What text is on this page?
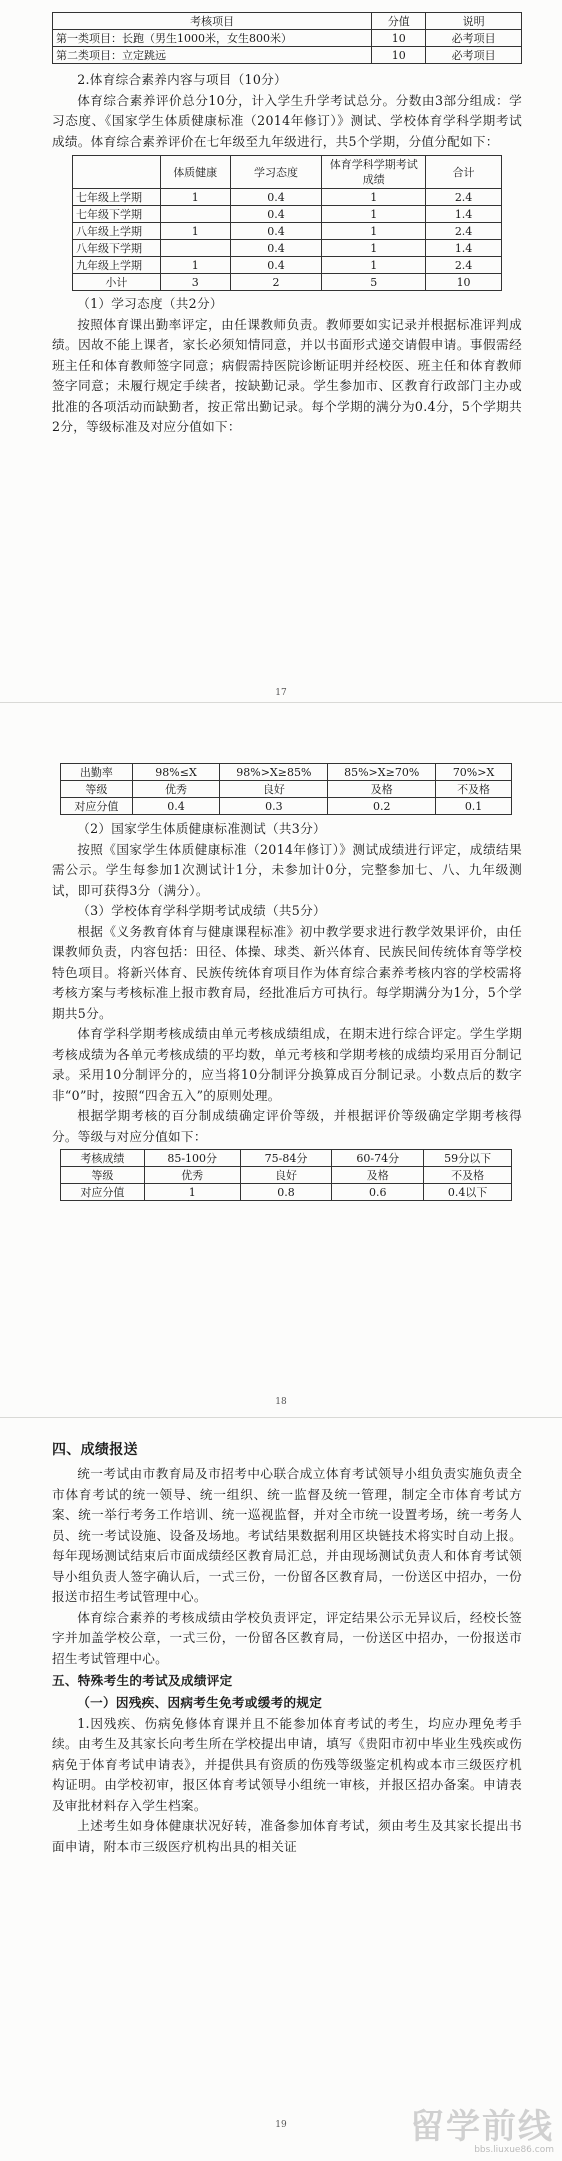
考核项目	分值	说明
第一类项目：长跑（男生1000米，女生800米）	10	必考项目
第二类项目：立定跳远	10	必考项目

2.体育综合素养内容与项目（10分）

体育综合素养评价总分10分，计入学生升学考试总分。分数由3部分组成：学习态度、《国家学生体质健康标准（2014年修订）》测试、学校体育学科学期考试成绩。体育综合素养评价在七年级至九年级进行，共5个学期，分值分配如下：

	体质健康	学习态度	体育学科学期考试成绩	合计
七年级上学期	1	0.4	1	2.4
七年级下学期		0.4	1	1.4
八年级上学期	1	0.4	1	2.4
八年级下学期		0.4	1	1.4
九年级上学期	1	0.4	1	2.4
小计	3	2	5	10

（1）学习态度（共2分）

按照体育课出勤率评定，由任课教师负责。教师要如实记录并根据标准评判成绩。因故不能上课者，家长必须知情同意，并以书面形式递交请假申请。事假需经班主任和体育教师签字同意；病假需持医院诊断证明并经校医、班主任和体育教师签字同意；未履行规定手续者，按缺勤记录。学生参加市、区教育行政部门主办或批准的各项活动而缺勤者，按正常出勤记录。每个学期的满分为0.4分，5个学期共2分，等级标准及对应分值如下：

17
出勤率	98%≤X	98%>X≥85%	85%>X≥70%	70%>X
等级	优秀	良好	及格	不及格
对应分值	0.4	0.3	0.2	0.1

（2）国家学生体质健康标准测试（共3分）

按照《国家学生体质健康标准（2014年修订）》测试成绩进行评定，成绩结果需公示。学生每参加1次测试计1分，未参加计0分，完整参加七、八、九年级测试，即可获得3分（满分）。

（3）学校体育学科学期考试成绩（共5分）

根据《义务教育体育与健康课程标准》初中教学要求进行教学效果评价，由任课教师负责，内容包括：田径、体操、球类、新兴体育、民族民间传统体育等学校特色项目。将新兴体育、民族传统体育项目作为体育综合素养考核内容的学校需将考核方案与考核标准上报市教育局，经批准后方可执行。每学期满分为1分，5个学期共5分。

体育学科学期考核成绩由单元考核成绩组成，在期末进行综合评定。学生学期考核成绩为各单元考核成绩的平均数，单元考核和学期考核的成绩均采用百分制记录。采用10分制评分的，应当将10分制评分换算成百分制记录。小数点后的数字非“0”时，按照“四舍五入”的原则处理。

根据学期考核的百分制成绩确定评价等级，并根据评价等级确定学期考核得分。等级与对应分值如下：

考核成绩	85-100分	75-84分	60-74分	59分以下
等级	优秀	良好	及格	不及格
对应分值	1	0.8	0.6	0.4以下
18

四、成绩报送

统一考试由市教育局及市招考中心联合成立体育考试领导小组负责实施负责全市体育考试的统一领导、统一组织、统一监督及统一管理，制定全市体育考试方案、统一举行考务工作培训、统一巡视监督，并对全市统一设置考场，统一考务人员、统一考试设施、设备及场地。考试结果数据利用区块链技术将实时自动上报。每年现场测试结束后市面成绩经区教育局汇总，并由现场测试负责人和体育考试领导小组负责人签字确认后，一式三份，一份留各区教育局，一份送区中招办，一份报送市招生考试管理中心。

体育综合素养的考核成绩由学校负责评定，评定结果公示无异议后，经校长签字并加盖学校公章，一式三份，一份留各区教育局，一份送区中招办，一份报送市招生考试管理中心。

五、特殊考生的考试及成绩评定

（一）因残疾、因病考生免考或缓考的规定

1.因残疾、伤病免修体育课并且不能参加体育考试的考生，均应办理免考手续。由考生及其家长向考生所在学校提出申请，填写《贵阳市初中毕业生残疾或伤病免于体育考试申请表》，并提供具有资质的伤残等级鉴定机构或本市三级医疗机构证明。由学校初审，报区体育考试领导小组统一审核，并报区招办备案。申请表及审批材料存入学生档案。

上述考生如身体健康状况好转，准备参加体育考试，须由考生及其家长提出书面申请，附本市三级医疗机构出具的相关证

19	留学前线
bbs.liuxue86.com
